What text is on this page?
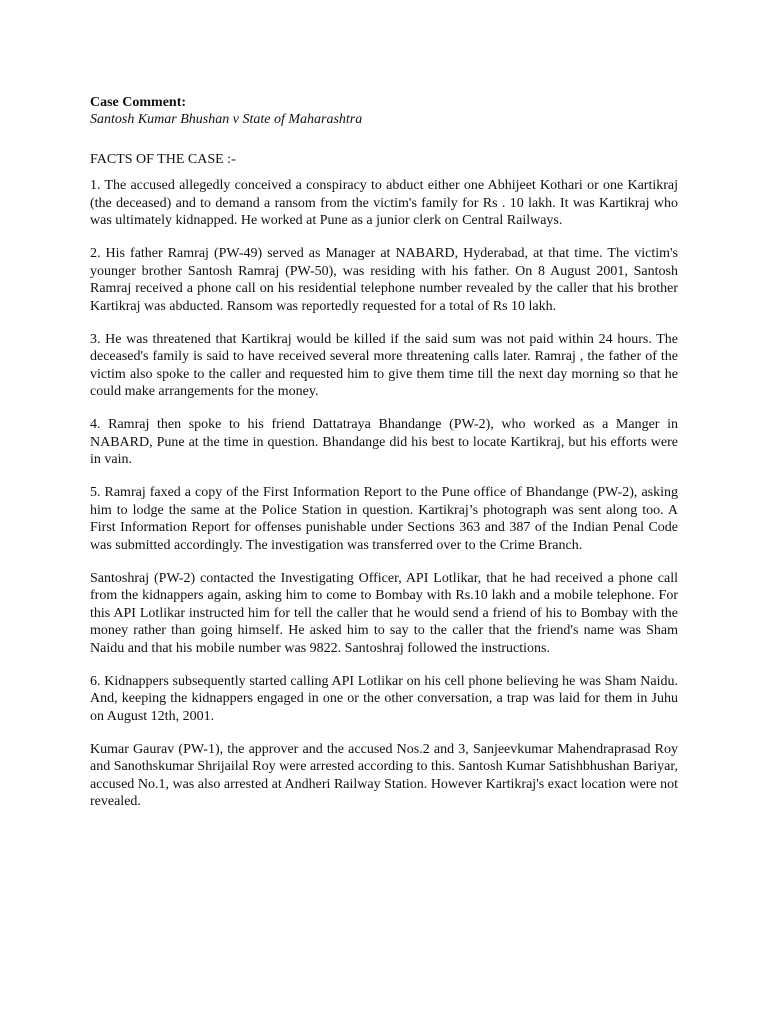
Case Comment:

Santosh Kumar Bhushan v State of Maharashtra

FACTS OF THE CASE :-

1. The accused allegedly conceived a conspiracy to abduct either one Abhijeet Kothari or one Kartikraj (the deceased) and to demand a ransom from the victim's family for Rs . 10 lakh. It was Kartikraj who was ultimately kidnapped. He worked at Pune as a junior clerk on Central Railways.

2. His father Ramraj (PW-49) served as Manager at NABARD, Hyderabad, at that time. The victim's younger brother Santosh Ramraj (PW-50), was residing with his father. On 8 August 2001, Santosh Ramraj received a phone call on his residential telephone number revealed by the caller that his brother Kartikraj was abducted. Ransom was reportedly requested for a total of Rs 10 lakh.

3. He was threatened that Kartikraj would be killed if the said sum was not paid within 24 hours. The deceased's family is said to have received several more threatening calls later. Ramraj , the father of the victim also spoke to the caller and requested him to give them time till the next day morning so that he could make arrangements for the money.

4. Ramraj then spoke to his friend Dattatraya Bhandange (PW-2), who worked as a Manger in NABARD, Pune at the time in question. Bhandange did his best to locate Kartikraj, but his efforts were in vain.

5. Ramraj faxed a copy of the First Information Report to the Pune office of Bhandange (PW-2), asking him to lodge the same at the Police Station in question. Kartikraj’s photograph was sent along too. A First Information Report for offenses punishable under Sections 363 and 387 of the Indian Penal Code was submitted accordingly. The investigation was transferred over to the Crime Branch.

Santoshraj (PW-2) contacted the Investigating Officer, API Lotlikar, that he had received a phone call from the kidnappers again, asking him to come to Bombay with Rs.10 lakh and a mobile telephone. For this API Lotlikar instructed him for tell the caller that he would send a friend of his to Bombay with the money rather than going himself. He asked him to say to the caller that the friend's name was Sham Naidu and that his mobile number was 9822. Santoshraj followed the instructions.

6. Kidnappers subsequently started calling API Lotlikar on his cell phone believing he was Sham Naidu. And, keeping the kidnappers engaged in one or the other conversation, a trap was laid for them in Juhu on August 12th, 2001.

Kumar Gaurav (PW-1), the approver and the accused Nos.2 and 3, Sanjeevkumar Mahendraprasad Roy and Sanothskumar Shrijailal Roy were arrested according to this. Santosh Kumar Satishbhushan Bariyar, accused No.1, was also arrested at Andheri Railway Station. However Kartikraj's exact location were not revealed.
